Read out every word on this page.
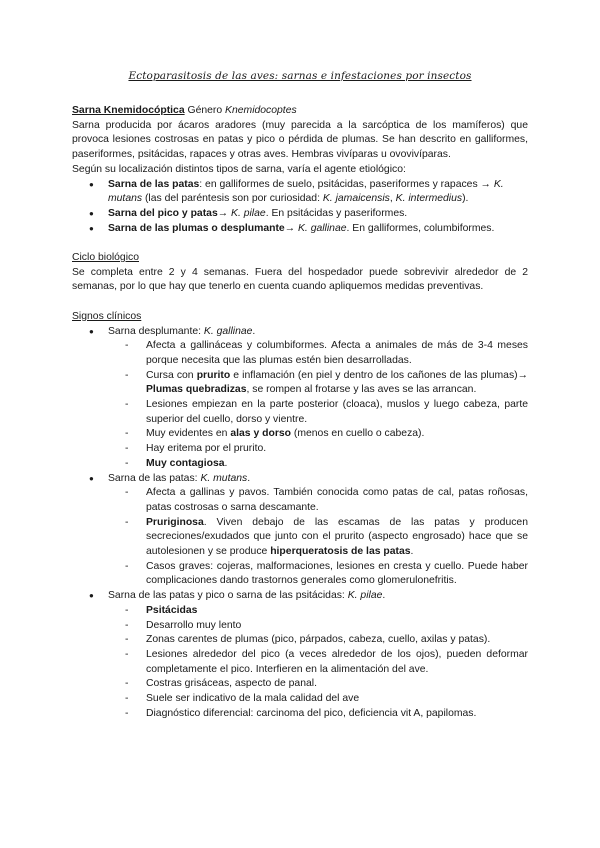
Ectoparasitosis de las aves: sarnas e infestaciones por insectos

Sarna Knemidocóptica Género Knemidocoptes

Sarna producida por ácaros aradores (muy parecida a la sarcóptica de los mamíferos) que provoca lesiones costrosas en patas y pico o pérdida de plumas. Se han descrito en galliformes, paseriformes, psitácidas, rapaces y otras aves. Hembras vivíparas u ovovivíparas.

Según su localización distintos tipos de sarna, varía el agente etiológico:

● Sarna de las patas: en galliformes de suelo, psitácidas, paseriformes y rapaces → K. mutans (las del paréntesis son por curiosidad: K. jamaicensis, K. intermedius).
● Sarna del pico y patas→ K. pilae. En psitácidas y paseriformes.
● Sarna de las plumas o desplumante→ K. gallinae. En galliformes, columbiformes.

Ciclo biológico

Se completa entre 2 y 4 semanas. Fuera del hospedador puede sobrevivir alrededor de 2 semanas, por lo que hay que tenerlo en cuenta cuando apliquemos medidas preventivas.

Signos clínicos

● Sarna desplumante: K. gallinae.
- Afecta a gallináceas y columbiformes. Afecta a animales de más de 3-4 meses porque necesita que las plumas estén bien desarrolladas.
- Cursa con prurito e inflamación (en piel y dentro de los cañones de las plumas)→ Plumas quebradizas, se rompen al frotarse y las aves se las arrancan.
- Lesiones empiezan en la parte posterior (cloaca), muslos y luego cabeza, parte superior del cuello, dorso y vientre.
- Muy evidentes en alas y dorso (menos en cuello o cabeza).
- Hay eritema por el prurito.
- Muy contagiosa.
● Sarna de las patas: K. mutans.
- Afecta a gallinas y pavos. También conocida como patas de cal, patas roñosas, patas costrosas o sarna descamante.
- Pruriginosa. Viven debajo de las escamas de las patas y producen secreciones/exudados que junto con el prurito (aspecto engrosado) hace que se autolesionen y se produce hiperqueratosis de las patas.
- Casos graves: cojeras, malformaciones, lesiones en cresta y cuello. Puede haber complicaciones dando trastornos generales como glomerulonefritis.
● Sarna de las patas y pico o sarna de las psitácidas: K. pilae.
- Psitácidas
- Desarrollo muy lento
- Zonas carentes de plumas (pico, párpados, cabeza, cuello, axilas y patas).
- Lesiones alrededor del pico (a veces alrededor de los ojos), pueden deformar completamente el pico. Interfieren en la alimentación del ave.
- Costras grisáceas, aspecto de panal.
- Suele ser indicativo de la mala calidad del ave
- Diagnóstico diferencial: carcinoma del pico, deficiencia vit A, papilomas.
